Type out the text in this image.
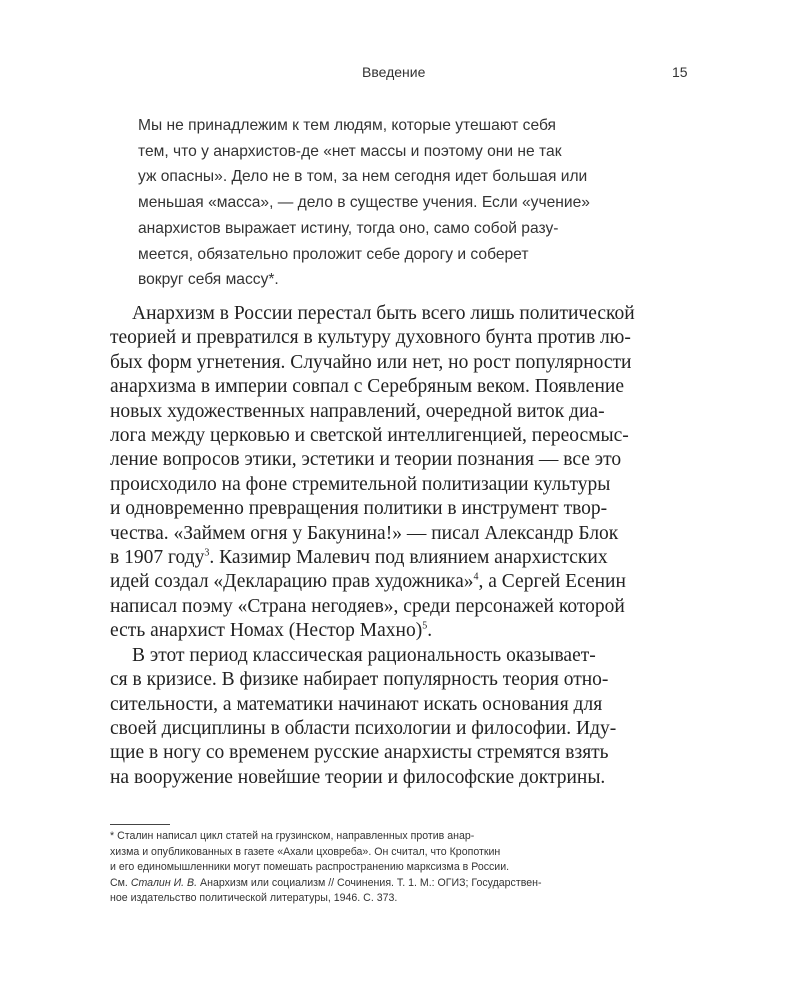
Введение	15
Мы не принадлежим к тем людям, которые утешают себя
тем, что у анархистов-де «нет массы и поэтому они не так
уж опасны». Дело не в том, за нем сегодня идет большая или
меньшая «масса», — дело в существе учения. Если «учение»
анархистов выражает истину, тогда оно, само собой разу-
меется, обязательно проложит себе дорогу и соберет
вокруг себя массу*.
Анархизм в России перестал быть всего лишь политической
теорией и превратился в культуру духовного бунта против лю-
бых форм угнетения. Случайно или нет, но рост популярности
анархизма в империи совпал с Серебряным веком. Появление
новых художественных направлений, очередной виток диа-
лога между церковью и светской интеллигенцией, переосмыс-
ление вопросов этики, эстетики и теории познания — все это
происходило на фоне стремительной политизации культуры
и одновременно превращения политики в инструмент твор-
чества. «Займем огня у Бакунина!» — писал Александр Блок
в 1907 году$^3$. Казимир Малевич под влиянием анархистских
идей создал «Декларацию прав художника»$^4$, а Сергей Есенин
написал поэму «Страна негодяев», среди персонажей которой
есть анархист Номах (Нестор Махно)$^5$.
В этот период классическая рациональность оказывает-
ся в кризисе. В физике набирает популярность теория отно-
сительности, а математики начинают искать основания для
своей дисциплины в области психологии и философии. Иду-
щие в ногу со временем русские анархисты стремятся взять
на вооружение новейшие теории и философские доктрины.
* Сталин написал цикл статей на грузинском, направленных против анар-
хизма и опубликованных в газете «Ахали цховреба». Он считал, что Кропоткин
и его единомышленники могут помешать распространению марксизма в России.
См. Сталин И. В. Анархизм или социализм // Сочинения. Т. 1. М.: ОГИЗ; Государствен-
ное издательство политической литературы, 1946. С. 373.
